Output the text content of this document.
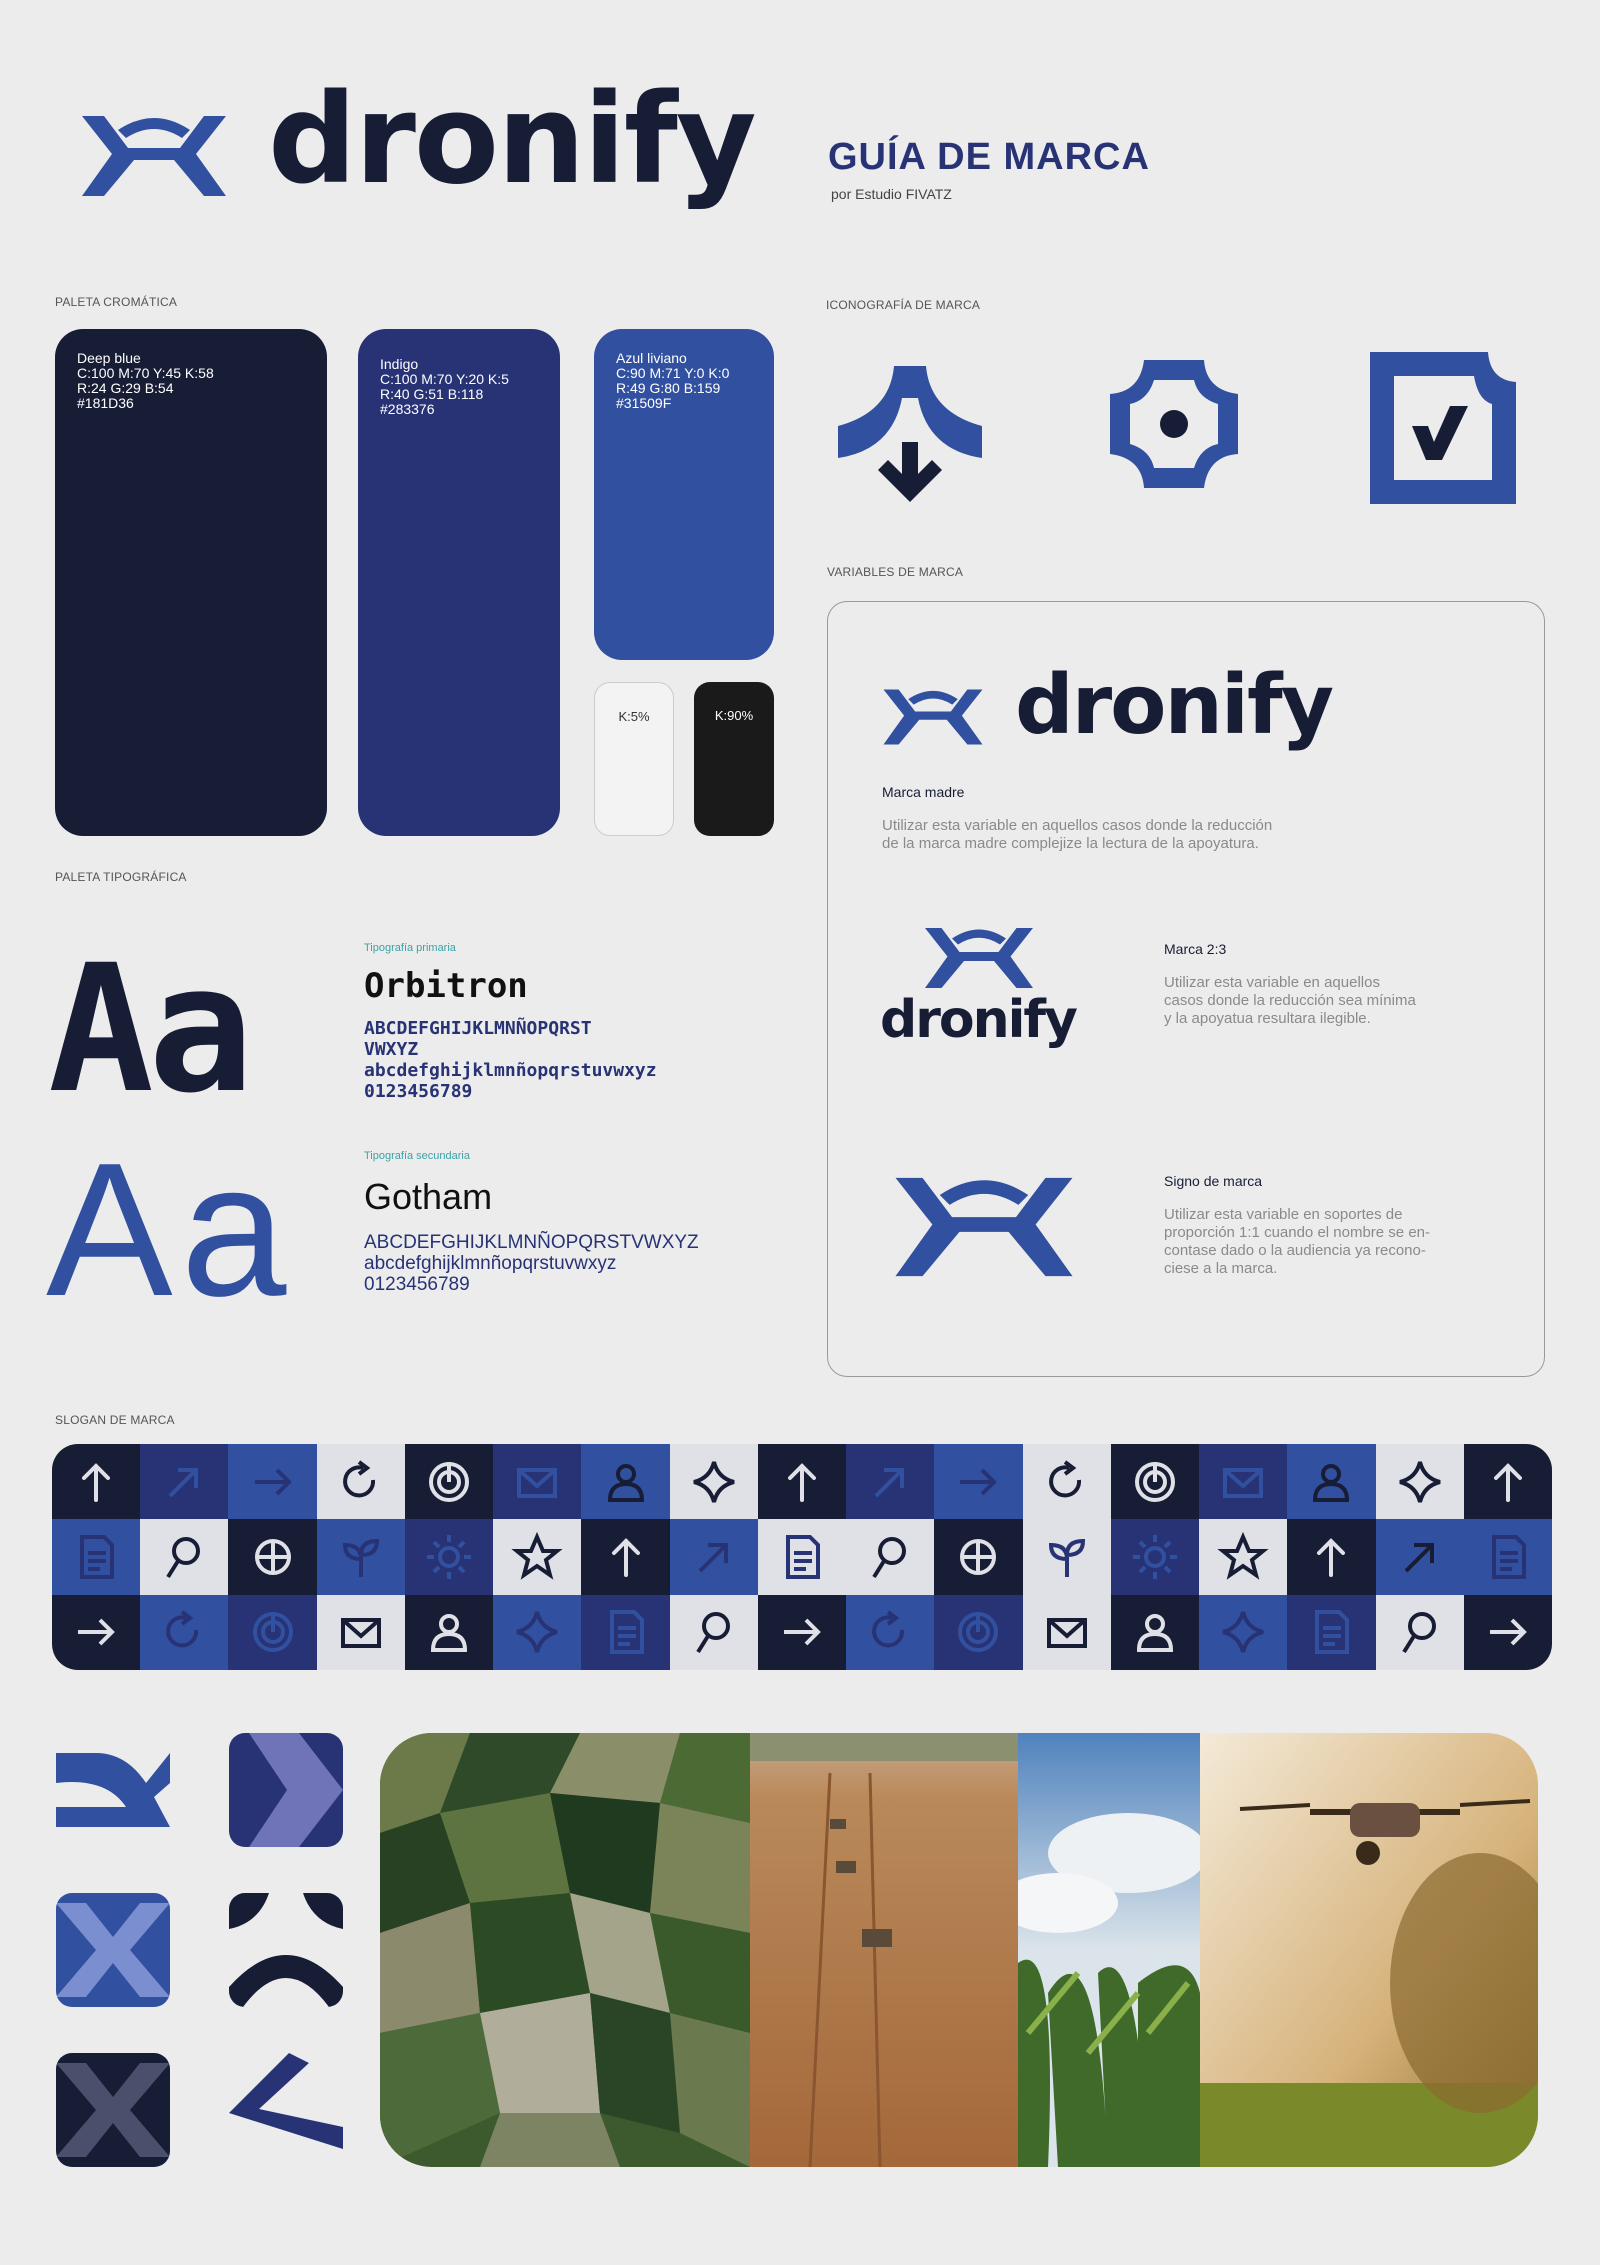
dronify GUÍA DE MARCA
por Estudio FIVATZ
PALETA CROMÁTICA
Deep blue
C:100 M:70 Y:45 K:58
R:24 G:29 B:54
#181D36
Indigo
C:100 M:70 Y:20 K:5
R:40 G:51 B:118
#283376
Azul liviano
C:90 M:71 Y:0 K:0
R:49 G:80 B:159
#31509F
K:5%	K:90%
ICONOGRAFÍA DE MARCA
PALETA TIPOGRÁFICA
Aa
Aa
Tipografía primaria
Orbitron
ABCDEFGHIJKLMNÑOPQRST
VWXYZ
abcdefghijklmnñopqrstuvwxyz
0123456789
Tipografía secundaria
Gotham
ABCDEFGHIJKLMNÑOPQRSTVWXYZ
abcdefghijklmnñopqrstuvwxyz
0123456789
VARIABLES DE MARCA
dronify
Marca madre
Utilizar esta variable en aquellos casos donde la reducción
de la marca madre complejize la lectura de la apoyatura.
dronify
Marca 2:3
Utilizar esta variable en aquellos
casos donde la reducción sea mínima
y la apoyatua resultara ilegible.
Signo de marca
Utilizar esta variable en soportes de
proporción 1:1 cuando el nombre se en-
contase dado o la audiencia ya recono-
ciese a la marca.
SLOGAN DE MARCA
